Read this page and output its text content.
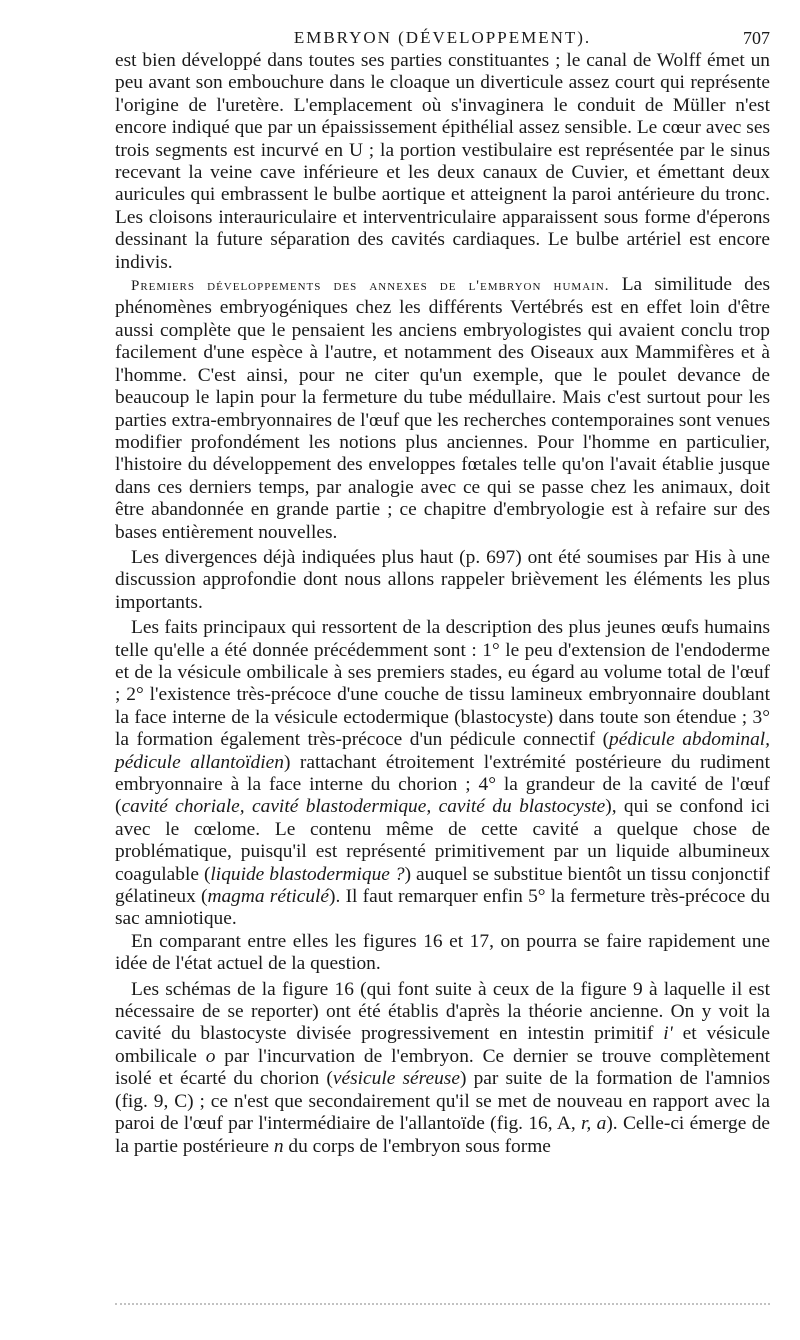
EMBRYON (DÉVELOPPEMENT).	707

est bien développé dans toutes ses parties constituantes ; le canal de Wolff émet un peu avant son embouchure dans le cloaque un diverticule assez court qui représente l'origine de l'uretère. L'emplacement où s'invaginera le conduit de Müller n'est encore indiqué que par un épaississement épithélial assez sensible. Le cœur avec ses trois segments est incurvé en U ; la portion vestibulaire est représentée par le sinus recevant la veine cave inférieure et les deux canaux de Cuvier, et émettant deux auricules qui embrassent le bulbe aortique et atteignent la paroi antérieure du tronc. Les cloisons interauriculaire et interventriculaire apparaissent sous forme d'éperons dessinant la future séparation des cavités cardiaques. Le bulbe artériel est encore indivis.

Premiers développements des annexes de l'embryon humain. La similitude des phénomènes embryogéniques chez les différents Vertébrés est en effet loin d'être aussi complète que le pensaient les anciens embryologistes qui avaient conclu trop facilement d'une espèce à l'autre, et notamment des Oiseaux aux Mammifères et à l'homme. C'est ainsi, pour ne citer qu'un exemple, que le poulet devance de beaucoup le lapin pour la fermeture du tube médullaire. Mais c'est surtout pour les parties extra-embryonnaires de l'œuf que les recherches contemporaines sont venues modifier profondément les notions plus anciennes. Pour l'homme en particulier, l'histoire du développement des enveloppes fœtales telle qu'on l'avait établie jusque dans ces derniers temps, par analogie avec ce qui se passe chez les animaux, doit être abandonnée en grande partie ; ce chapitre d'embryologie est à refaire sur des bases entièrement nouvelles.

Les divergences déjà indiquées plus haut (p. 697) ont été soumises par His à une discussion approfondie dont nous allons rappeler brièvement les éléments les plus importants.

Les faits principaux qui ressortent de la description des plus jeunes œufs humains telle qu'elle a été donnée précédemment sont : 1° le peu d'extension de l'endoderme et de la vésicule ombilicale à ses premiers stades, eu égard au volume total de l'œuf ; 2° l'existence très-précoce d'une couche de tissu lamineux embryonnaire doublant la face interne de la vésicule ectodermique (blastocyste) dans toute son étendue ; 3° la formation également très-précoce d'un pédicule connectif (pédicule abdominal, pédicule allantoïdien) rattachant étroitement l'extrémité postérieure du rudiment embryonnaire à la face interne du chorion ; 4° la grandeur de la cavité de l'œuf (cavité choriale, cavité blastodermique, cavité du blastocyste), qui se confond ici avec le cœlome. Le contenu même de cette cavité a quelque chose de problématique, puisqu'il est représenté primitivement par un liquide albumineux coagulable (liquide blastodermique ?) auquel se substitue bientôt un tissu conjonctif gélatineux (magma réticulé). Il faut remarquer enfin 5° la fermeture très-précoce du sac amniotique.

En comparant entre elles les figures 16 et 17, on pourra se faire rapidement une idée de l'état actuel de la question.

Les schémas de la figure 16 (qui font suite à ceux de la figure 9 à laquelle il est nécessaire de se reporter) ont été établis d'après la théorie ancienne. On y voit la cavité du blastocyste divisée progressivement en intestin primitif i' et vésicule ombilicale o par l'incurvation de l'embryon. Ce dernier se trouve complètement isolé et écarté du chorion (vésicule séreuse) par suite de la formation de l'amnios (fig. 9, C) ; ce n'est que secondairement qu'il se met de nouveau en rapport avec la paroi de l'œuf par l'intermédiaire de l'allantoïde (fig. 16, A, r, a). Celle-ci émerge de la partie postérieure n du corps de l'embryon sous forme
